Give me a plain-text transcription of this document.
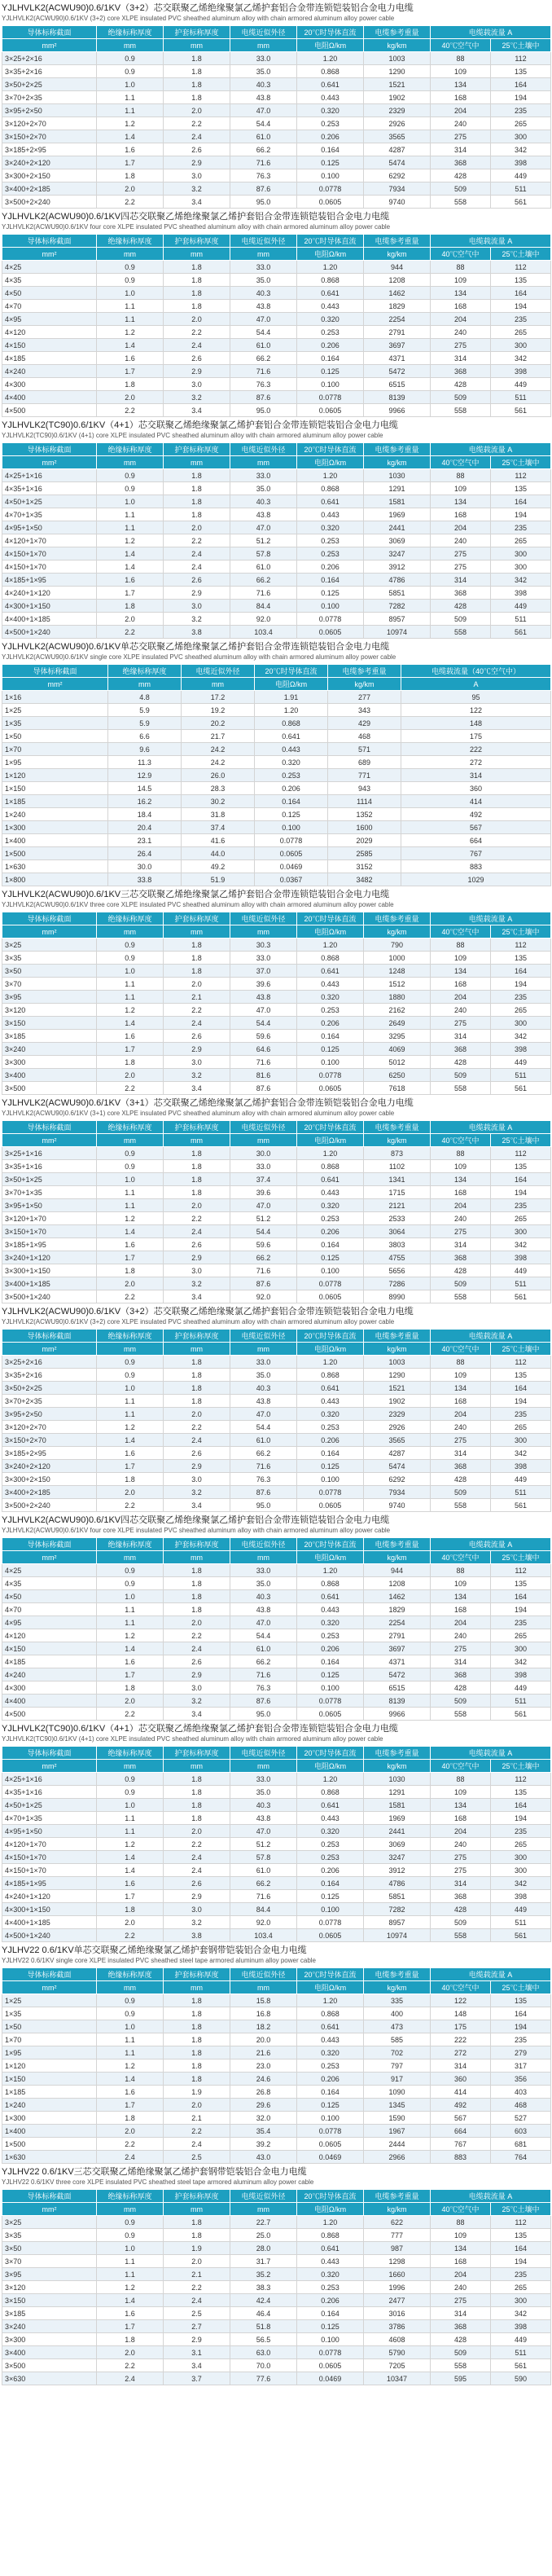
YJLHVLK2(ACWU90)0.6/1KV（3+2）芯交联聚乙烯绝缘聚氯乙烯护套铝合金带连锁铠装铝合金电力电缆
YJLHVLK2(ACWU90)0.6/1KV (3+2) core XLPE insulated PVC sheathed aluminum alloy with chain armored aluminum alloy power cable
导体标称截面	绝缘标称厚度	护套标称厚度	电缆近似外径	20℃时导体直流	电缆参考重量	电缆载流量 A	
mm²	mm	mm	mm	电阻Ω/km	kg/km	40℃空气中	25℃土壤中
3×25+2×16	0.9	1.8	33.0	1.20	1003	88	112
3×35+2×16	0.9	1.8	35.0	0.868	1290	109	135
3×50+2×25	1.0	1.8	40.3	0.641	1521	134	164
3×70+2×35	1.1	1.8	43.8	0.443	1902	168	194
3×95+2×50	1.1	2.0	47.0	0.320	2329	204	235
3×120+2×70	1.2	2.2	54.4	0.253	2926	240	265
3×150+2×70	1.4	2.4	61.0	0.206	3565	275	300
3×185+2×95	1.6	2.6	66.2	0.164	4287	314	342
3×240+2×120	1.7	2.9	71.6	0.125	5474	368	398
3×300+2×150	1.8	3.0	76.3	0.100	6292	428	449
3×400+2×185	2.0	3.2	87.6	0.0778	7934	509	511
3×500+2×240	2.2	3.4	95.0	0.0605	9740	558	561
YJLHVLK2(ACWU90)0.6/1KV四芯交联聚乙烯绝缘聚氯乙烯护套铝合金带连锁铠装铝合金电力电缆
YJLHVLK2(ACWU90)0.6/1KV four core XLPE insulated PVC sheathed aluminum alloy with chain armored aluminum alloy power cable
导体标称截面	绝缘标称厚度	护套标称厚度	电缆近似外径	20℃时导体直流	电缆参考重量	电缆载流量 A	
mm²	mm	mm	mm	电阻Ω/km	kg/km	40℃空气中	25℃土壤中
4×25	0.9	1.8	33.0	1.20	944	88	112
4×35	0.9	1.8	35.0	0.868	1208	109	135
4×50	1.0	1.8	40.3	0.641	1462	134	164
4×70	1.1	1.8	43.8	0.443	1829	168	194
4×95	1.1	2.0	47.0	0.320	2254	204	235
4×120	1.2	2.2	54.4	0.253	2791	240	265
4×150	1.4	2.4	61.0	0.206	3697	275	300
4×185	1.6	2.6	66.2	0.164	4371	314	342
4×240	1.7	2.9	71.6	0.125	5472	368	398
4×300	1.8	3.0	76.3	0.100	6515	428	449
4×400	2.0	3.2	87.6	0.0778	8139	509	511
4×500	2.2	3.4	95.0	0.0605	9966	558	561
YJLHVLK2(TC90)0.6/1KV（4+1）芯交联聚乙烯绝缘聚氯乙烯护套铝合金带连锁铠装铝合金电力电缆
YJLHVLK2(TC90)0.6/1KV (4+1) core XLPE insulated PVC sheathed aluminum alloy with chain armored aluminum alloy power cable
导体标称截面	绝缘标称厚度	护套标称厚度	电缆近似外径	20℃时导体直流	电缆参考重量	电缆载流量 A	
mm²	mm	mm	mm	电阻Ω/km	kg/km	40℃空气中	25℃土壤中
4×25+1×16	0.9	1.8	33.0	1.20	1030	88	112
4×35+1×16	0.9	1.8	35.0	0.868	1291	109	135
4×50+1×25	1.0	1.8	40.3	0.641	1581	134	164
4×70+1×35	1.1	1.8	43.8	0.443	1969	168	194
4×95+1×50	1.1	2.0	47.0	0.320	2441	204	235
4×120+1×70	1.2	2.2	51.2	0.253	3069	240	265
4×150+1×70	1.4	2.4	57.8	0.253	3247	275	300
4×150+1×70	1.4	2.4	61.0	0.206	3912	275	300
4×185+1×95	1.6	2.6	66.2	0.164	4786	314	342
4×240+1×120	1.7	2.9	71.6	0.125	5851	368	398
4×300+1×150	1.8	3.0	84.4	0.100	7282	428	449
4×400+1×185	2.0	3.2	92.0	0.0778	8957	509	511
4×500+1×240	2.2	3.8	103.4	0.0605	10974	558	561
YJLHVLK2(ACWU90)0.6/1KV单芯交联聚乙烯绝缘聚氯乙烯护套铝合金带连锁铠装铝合金电力电缆
YJLHVLK2(ACWU90)0.6/1KV single core XLPE insulated PVC sheathed aluminum alloy with chain armored aluminum alloy power cable
导体标称截面	绝缘标称厚度	电缆近似外径	20℃时导体直流	电缆参考重量	电缆载流量（40℃空气中）
mm²	mm	mm	电阻Ω/km	kg/km	A
1×16	4.8	17.2	1.91	277	95
1×25	5.9	19.2	1.20	343	122
1×35	5.9	20.2	0.868	429	148
1×50	6.6	21.7	0.641	468	175
1×70	9.6	24.2	0.443	571	222
1×95	11.3	24.2	0.320	689	272
1×120	12.9	26.0	0.253	771	314
1×150	14.5	28.3	0.206	943	360
1×185	16.2	30.2	0.164	1114	414
1×240	18.4	31.8	0.125	1352	492
1×300	20.4	37.4	0.100	1600	567
1×400	23.1	41.6	0.0778	2029	664
1×500	26.4	44.0	0.0605	2585	767
1×630	30.0	49.2	0.0469	3152	883
1×800	33.8	51.9	0.0367	3482	1029
YJLHVLK2(ACWU90)0.6/1KV三芯交联聚乙烯绝缘聚氯乙烯护套铝合金带连锁铠装铝合金电力电缆
YJLHVLK2(ACWU90)0.6/1KV three core XLPE insulated PVC sheathed aluminum alloy with chain armored aluminum alloy power cable
导体标称截面	绝缘标称厚度	护套标称厚度	电缆近似外径	20℃时导体直流	电缆参考重量	电缆载流量 A	
mm²	mm	mm	mm	电阻Ω/km	kg/km	40℃空气中	25℃土壤中
3×25	0.9	1.8	30.3	1.20	790	88	112
3×35	0.9	1.8	33.0	0.868	1000	109	135
3×50	1.0	1.8	37.0	0.641	1248	134	164
3×70	1.1	2.0	39.6	0.443	1512	168	194
3×95	1.1	2.1	43.8	0.320	1880	204	235
3×120	1.2	2.2	47.0	0.253	2162	240	265
3×150	1.4	2.4	54.4	0.206	2649	275	300
3×185	1.6	2.6	59.6	0.164	3295	314	342
3×240	1.7	2.9	64.6	0.125	4069	368	398
3×300	1.8	3.0	71.6	0.100	5012	428	449
3×400	2.0	3.2	81.6	0.0778	6250	509	511
3×500	2.2	3.4	87.6	0.0605	7618	558	561
YJLHVLK2(ACWU90)0.6/1KV（3+1）芯交联聚乙烯绝缘聚氯乙烯护套铝合金带连锁铠装铝合金电力电缆
YJLHVLK2(ACWU90)0.6/1KV (3+1) core XLPE insulated PVC sheathed aluminum alloy with chain armored aluminum alloy power cable
导体标称截面	绝缘标称厚度	护套标称厚度	电缆近似外径	20℃时导体直流	电缆参考重量	电缆载流量 A	
mm²	mm	mm	mm	电阻Ω/km	kg/km	40℃空气中	25℃土壤中
3×25+1×16	0.9	1.8	30.0	1.20	873	88	112
3×35+1×16	0.9	1.8	33.0	0.868	1102	109	135
3×50+1×25	1.0	1.8	37.4	0.641	1341	134	164
3×70+1×35	1.1	1.8	39.6	0.443	1715	168	194
3×95+1×50	1.1	2.0	47.0	0.320	2121	204	235
3×120+1×70	1.2	2.2	51.2	0.253	2533	240	265
3×150+1×70	1.4	2.4	54.4	0.206	3064	275	300
3×185+1×95	1.6	2.6	59.6	0.164	3803	314	342
3×240+1×120	1.7	2.9	66.2	0.125	4755	368	398
3×300+1×150	1.8	3.0	71.6	0.100	5656	428	449
3×400+1×185	2.0	3.2	87.6	0.0778	7286	509	511
3×500+1×240	2.2	3.4	92.0	0.0605	8990	558	561
YJLHVLK2(ACWU90)0.6/1KV（3+2）芯交联聚乙烯绝缘聚氯乙烯护套铝合金带连锁铠装铝合金电力电缆
YJLHVLK2(ACWU90)0.6/1KV (3+2) core XLPE insulated PVC sheathed aluminum alloy with chain armored aluminum alloy power cable
导体标称截面	绝缘标称厚度	护套标称厚度	电缆近似外径	20℃时导体直流	电缆参考重量	电缆载流量 A	
mm²	mm	mm	mm	电阻Ω/km	kg/km	40℃空气中	25℃土壤中
3×25+2×16	0.9	1.8	33.0	1.20	1003	88	112
3×35+2×16	0.9	1.8	35.0	0.868	1290	109	135
3×50+2×25	1.0	1.8	40.3	0.641	1521	134	164
3×70+2×35	1.1	1.8	43.8	0.443	1902	168	194
3×95+2×50	1.1	2.0	47.0	0.320	2329	204	235
3×120+2×70	1.2	2.2	54.4	0.253	2926	240	265
3×150+2×70	1.4	2.4	61.0	0.206	3565	275	300
3×185+2×95	1.6	2.6	66.2	0.164	4287	314	342
3×240+2×120	1.7	2.9	71.6	0.125	5474	368	398
3×300+2×150	1.8	3.0	76.3	0.100	6292	428	449
3×400+2×185	2.0	3.2	87.6	0.0778	7934	509	511
3×500+2×240	2.2	3.4	95.0	0.0605	9740	558	561
YJLHVLK2(ACWU90)0.6/1KV四芯交联聚乙烯绝缘聚氯乙烯护套铝合金带连锁铠装铝合金电力电缆
YJLHVLK2(ACWU90)0.6/1KV four core XLPE insulated PVC sheathed aluminum alloy with chain armored aluminum alloy power cable
导体标称截面	绝缘标称厚度	护套标称厚度	电缆近似外径	20℃时导体直流	电缆参考重量	电缆载流量 A	
mm²	mm	mm	mm	电阻Ω/km	kg/km	40℃空气中	25℃土壤中
4×25	0.9	1.8	33.0	1.20	944	88	112
4×35	0.9	1.8	35.0	0.868	1208	109	135
4×50	1.0	1.8	40.3	0.641	1462	134	164
4×70	1.1	1.8	43.8	0.443	1829	168	194
4×95	1.1	2.0	47.0	0.320	2254	204	235
4×120	1.2	2.2	54.4	0.253	2791	240	265
4×150	1.4	2.4	61.0	0.206	3697	275	300
4×185	1.6	2.6	66.2	0.164	4371	314	342
4×240	1.7	2.9	71.6	0.125	5472	368	398
4×300	1.8	3.0	76.3	0.100	6515	428	449
4×400	2.0	3.2	87.6	0.0778	8139	509	511
4×500	2.2	3.4	95.0	0.0605	9966	558	561
YJLHVLK2(TC90)0.6/1KV（4+1）芯交联聚乙烯绝缘聚氯乙烯护套铝合金带连锁铠装铝合金电力电缆
YJLHVLK2(TC90)0.6/1KV (4+1) core XLPE insulated PVC sheathed aluminum alloy with chain armored aluminum alloy power cable
导体标称截面	绝缘标称厚度	护套标称厚度	电缆近似外径	20℃时导体直流	电缆参考重量	电缆载流量 A	
mm²	mm	mm	mm	电阻Ω/km	kg/km	40℃空气中	25℃土壤中
4×25+1×16	0.9	1.8	33.0	1.20	1030	88	112
4×35+1×16	0.9	1.8	35.0	0.868	1291	109	135
4×50+1×25	1.0	1.8	40.3	0.641	1581	134	164
4×70+1×35	1.1	1.8	43.8	0.443	1969	168	194
4×95+1×50	1.1	2.0	47.0	0.320	2441	204	235
4×120+1×70	1.2	2.2	51.2	0.253	3069	240	265
4×150+1×70	1.4	2.4	57.8	0.253	3247	275	300
4×150+1×70	1.4	2.4	61.0	0.206	3912	275	300
4×185+1×95	1.6	2.6	66.2	0.164	4786	314	342
4×240+1×120	1.7	2.9	71.6	0.125	5851	368	398
4×300+1×150	1.8	3.0	84.4	0.100	7282	428	449
4×400+1×185	2.0	3.2	92.0	0.0778	8957	509	511
4×500+1×240	2.2	3.8	103.4	0.0605	10974	558	561
YJLHV22 0.6/1KV单芯交联聚乙烯绝缘聚氯乙烯护套钢带铠装铝合金电力电缆
YJLHV22 0.6/1KV single core XLPE insulated PVC sheathed steel tape armored aluminum alloy power cable
导体标称截面	绝缘标称厚度	护套标称厚度	电缆近似外径	20℃时导体直流	电缆参考重量	电缆载流量 A	
mm²	mm	mm	mm	电阻Ω/km	kg/km	40℃空气中	25℃土壤中
1×25	0.9	1.8	15.8	1.20	335	122	135
1×35	0.9	1.8	16.8	0.868	400	148	164
1×50	1.0	1.8	18.2	0.641	473	175	194
1×70	1.1	1.8	20.0	0.443	585	222	235
1×95	1.1	1.8	21.6	0.320	702	272	279
1×120	1.2	1.8	23.0	0.253	797	314	317
1×150	1.4	1.8	24.6	0.206	917	360	356
1×185	1.6	1.9	26.8	0.164	1090	414	403
1×240	1.7	2.0	29.6	0.125	1345	492	468
1×300	1.8	2.1	32.0	0.100	1590	567	527
1×400	2.0	2.2	35.4	0.0778	1967	664	603
1×500	2.2	2.4	39.2	0.0605	2444	767	681
1×630	2.4	2.5	43.0	0.0469	2966	883	764
YJLHV22 0.6/1KV三芯交联聚乙烯绝缘聚氯乙烯护套钢带铠装铝合金电力电缆
YJLHV22 0.6/1KV three core XLPE insulated PVC sheathed steel tape armored aluminum alloy power cable
导体标称截面	绝缘标称厚度	护套标称厚度	电缆近似外径	20℃时导体直流	电缆参考重量	电缆载流量 A	
mm²	mm	mm	mm	电阻Ω/km	kg/km	40℃空气中	25℃土壤中
3×25	0.9	1.8	22.7	1.20	622	88	112
3×35	0.9	1.8	25.0	0.868	777	109	135
3×50	1.0	1.9	28.0	0.641	987	134	164
3×70	1.1	2.0	31.7	0.443	1298	168	194
3×95	1.1	2.1	35.2	0.320	1660	204	235
3×120	1.2	2.2	38.3	0.253	1996	240	265
3×150	1.4	2.4	42.4	0.206	2477	275	300
3×185	1.6	2.5	46.4	0.164	3016	314	342
3×240	1.7	2.7	51.8	0.125	3786	368	398
3×300	1.8	2.9	56.5	0.100	4608	428	449
3×400	2.0	3.1	63.0	0.0778	5790	509	511
3×500	2.2	3.4	70.0	0.0605	7205	558	561
3×630	2.4	3.7	77.6	0.0469	10347	595	590
